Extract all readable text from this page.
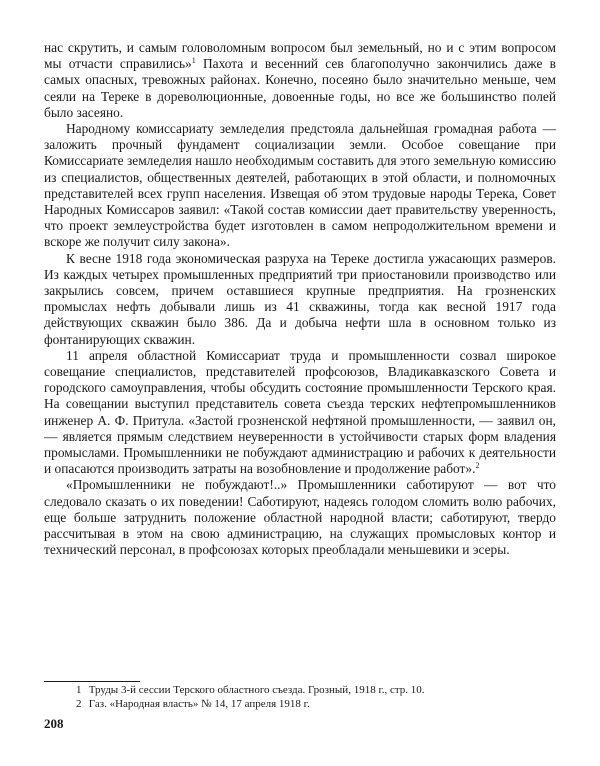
нас скрутить, и самым головоломным вопросом был земельный, но и с этим вопросом мы отчасти справились»$^1$ Пахота и весенний сев благополучно закончились даже в самых опасных, тревожных районах. Конечно, посеяно было значительно меньше, чем сеяли на Тереке в дореволюционные, довоенные годы, но все же большинство полей было засеяно.

Народному комиссариату земледелия предстояла дальнейшая громадная работа — заложить прочный фундамент социализации земли. Особое совещание при Комиссариате земледелия нашло необходимым составить для этого земельную комиссию из специалистов, общественных деятелей, работающих в этой области, и полномочных представителей всех групп населения. Извещая об этом трудовые народы Терека, Совет Народных Комиссаров заявил: «Такой состав комиссии дает правительству уверенность, что проект землеустройства будет изготовлен в самом непродолжительном времени и вскоре же получит силу закона».

К весне 1918 года экономическая разруха на Тереке достигла ужасающих размеров. Из каждых четырех промышленных предприятий три приостановили производство или закрылись совсем, причем оставшиеся крупные предприятия. На грозненских промыслах нефть добывали лишь из 41 скважины, тогда как весной 1917 года действующих скважин было 386. Да и добыча нефти шла в основном только из фонтанирующих скважин.

11 апреля областной Комиссариат труда и промышленности созвал широкое совещание специалистов, представителей профсоюзов, Владикавказского Совета и городского самоуправления, чтобы обсудить состояние промышленности Терского края. На совещании выступил представитель совета съезда терских нефтепромышленников инженер А. Ф. Притула. «Застой грозненской нефтяной промышленности, — заявил он,— является прямым следствием неуверенности в устойчивости старых форм владения промыслами. Промышленники не побуждают администрацию и рабочих к деятельности и опасаются производить затраты на возобновление и продолжение работ».$^2$

«Промышленники не побуждают!..» Промышленники саботируют — вот что следовало сказать о их поведении! Саботируют, надеясь голодом сломить волю рабочих, еще больше затруднить положение областной народной власти; саботируют, твердо рассчитывая в этом на свою администрацию, на служащих промысловых контор и технический персонал, в профсоюзах которых преобладали меньшевики и эсеры.

1 Труды 3-й сессии Терского областного съезда. Грозный, 1918 г., стр. 10.
2 Газ. «Народная власть» № 14, 17 апреля 1918 г.
208
